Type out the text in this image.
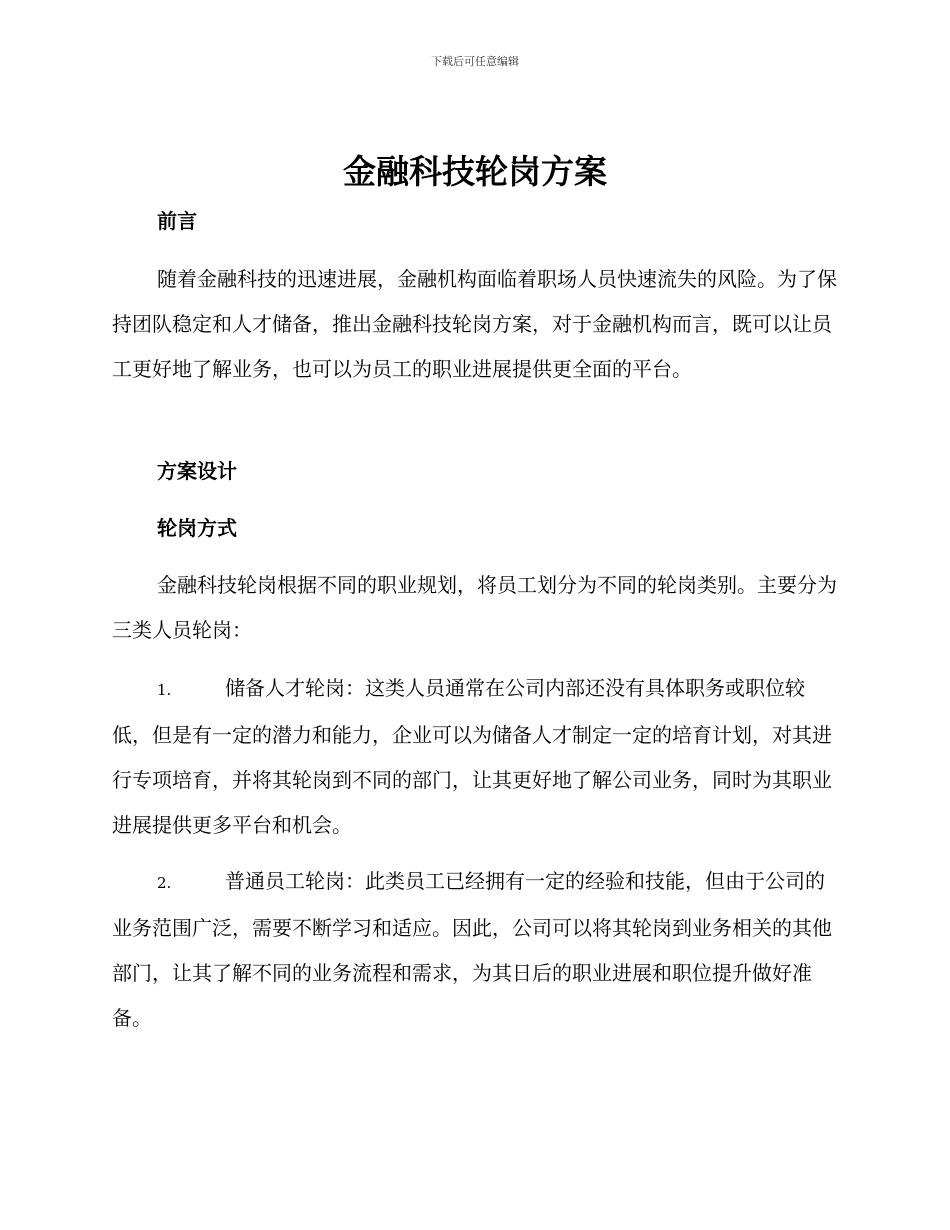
下载后可任意编辑
金融科技轮岗方案
前言

随着金融科技的迅速进展，金融机构面临着职场人员快速流失的风险。为了保持团队稳定和人才储备，推出金融科技轮岗方案，对于金融机构而言，既可以让员工更好地了解业务，也可以为员工的职业进展提供更全面的平台。

方案设计
轮岗方式

金融科技轮岗根据不同的职业规划，将员工划分为不同的轮岗类别。主要分为三类人员轮岗：

1.	储备人才轮岗：这类人员通常在公司内部还没有具体职务或职位较低，但是有一定的潜力和能力，企业可以为储备人才制定一定的培育计划，对其进行专项培育，并将其轮岗到不同的部门，让其更好地了解公司业务，同时为其职业进展提供更多平台和机会。

2.	普通员工轮岗：此类员工已经拥有一定的经验和技能，但由于公司的业务范围广泛，需要不断学习和适应。因此，公司可以将其轮岗到业务相关的其他部门，让其了解不同的业务流程和需求，为其日后的职业进展和职位提升做好准备。
